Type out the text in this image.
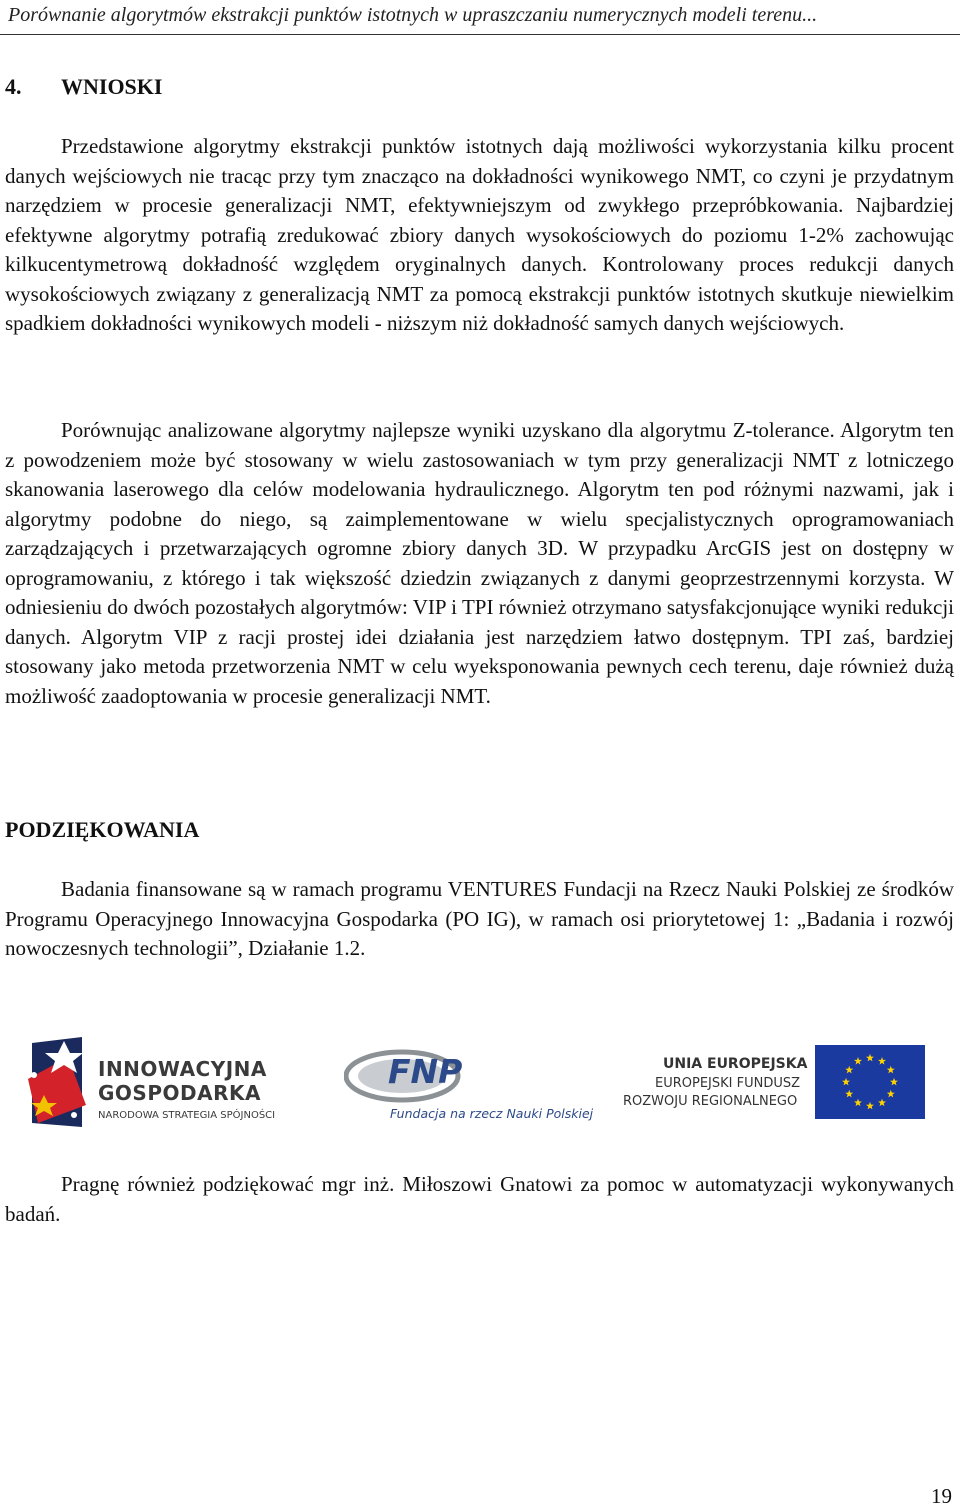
Porównanie algorytmów ekstrakcji punktów istotnych w upraszczaniu numerycznych modeli terenu...
4. WNIOSKI

Przedstawione algorytmy ekstrakcji punktów istotnych dają możliwości wykorzystania kilku procent danych wejściowych nie tracąc przy tym znacząco na dokładności wynikowego NMT, co czyni je przydatnym narzędziem w procesie generalizacji NMT, efektywniejszym od zwykłego przepróbkowania. Najbardziej efektywne algorytmy potrafią zredukować zbiory danych wysokościowych do poziomu 1-2% zachowując kilkucentymetrową dokładność względem oryginalnych danych. Kontrolowany proces redukcji danych wysokościowych związany z generalizacją NMT za pomocą ekstrakcji punktów istotnych skutkuje niewielkim spadkiem dokładności wynikowych modeli - niższym niż dokładność samych danych wejściowych.

Porównując analizowane algorytmy najlepsze wyniki uzyskano dla algorytmu Z-tolerance. Algorytm ten z powodzeniem może być stosowany w wielu zastosowaniach w tym przy generalizacji NMT z lotniczego skanowania laserowego dla celów modelowania hydraulicznego. Algorytm ten pod różnymi nazwami, jak i algorytmy podobne do niego, są zaimplementowane w wielu specjalistycznych oprogramowaniach zarządzających i przetwarzających ogromne zbiory danych 3D. W przypadku ArcGIS jest on dostępny w oprogramowaniu, z którego i tak większość dziedzin związanych z danymi geoprzestrzennymi korzysta. W odniesieniu do dwóch pozostałych algorytmów: VIP i TPI również otrzymano satysfakcjonujące wyniki redukcji danych. Algorytm VIP z racji prostej idei działania jest narzędziem łatwo dostępnym. TPI zaś, bardziej stosowany jako metoda przetworzenia NMT w celu wyeksponowania pewnych cech terenu, daje również dużą możliwość zaadoptowania w procesie generalizacji NMT.

PODZIĘKOWANIA

Badania finansowane są w ramach programu VENTURES Fundacji na Rzecz Nauki Polskiej ze środków Programu Operacyjnego Innowacyjna Gospodarka (PO IG), w ramach osi priorytetowej 1: „Badania i rozwój nowoczesnych technologii”, Działanie 1.2.

INNOWACYJNA
GOSPODARKA
NARODOWA STRATEGIA SPÓJNOŚCI
FNP
Fundacja na rzecz Nauki Polskiej
UNIA EUROPEJSKA
EUROPEJSKI FUNDUSZ
ROZWOJU REGIONALNEGO

Pragnę również podziękować mgr inż. Miłoszowi Gnatowi za pomoc w automatyzacji wykonywanych badań.

19
